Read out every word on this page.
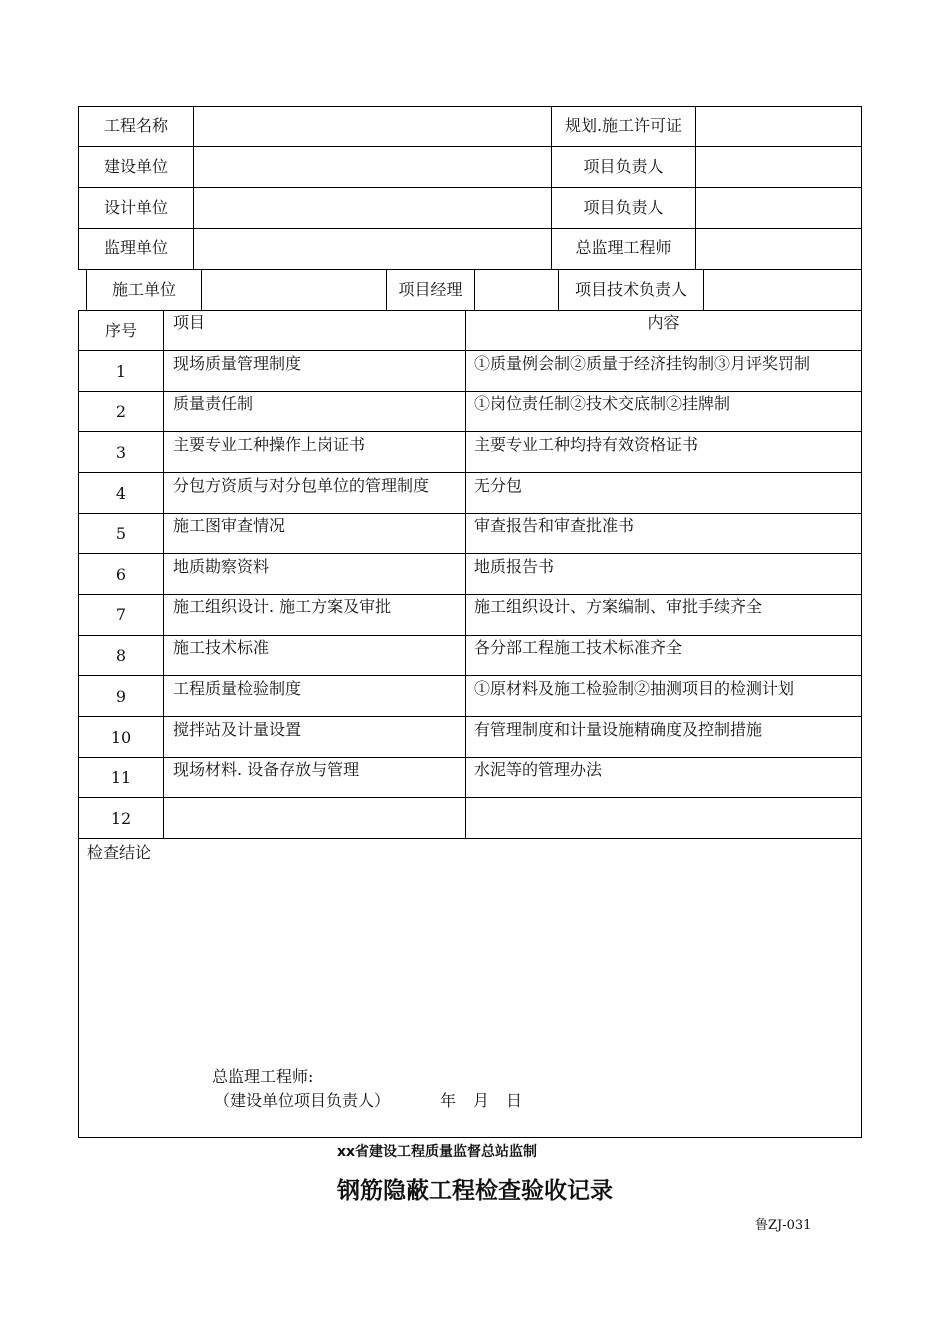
工程名称	规划.施工许可证
建设单位	项目负责人
设计单位	项目负责人
监理单位	总监理工程师
施工单位	项目经理	项目技术负责人
序号	项目	内容
1	现场质量管理制度	①质量例会制②质量于经济挂钩制③月评奖罚制
2	质量责任制	①岗位责任制②技术交底制②挂牌制
3	主要专业工种操作上岗证书	主要专业工种均持有效资格证书
4	分包方资质与对分包单位的管理制度	无分包
5	施工图审查情况	审查报告和审查批准书
6	地质勘察资料	地质报告书
7	施工组织设计. 施工方案及审批	施工组织设计、方案编制、审批手续齐全
8	施工技术标准	各分部工程施工技术标准齐全
9	工程质量检验制度	①原材料及施工检验制②抽测项目的检测计划
10	搅拌站及计量设置	有管理制度和计量设施精确度及控制措施
11	现场材料. 设备存放与管理	水泥等的管理办法
12
检查结论
总监理工程师:
（建设单位项目负责人）	年 月 日
xx省建设工程质量监督总站监制
钢筋隐蔽工程检查验收记录
鲁ZJ-031
